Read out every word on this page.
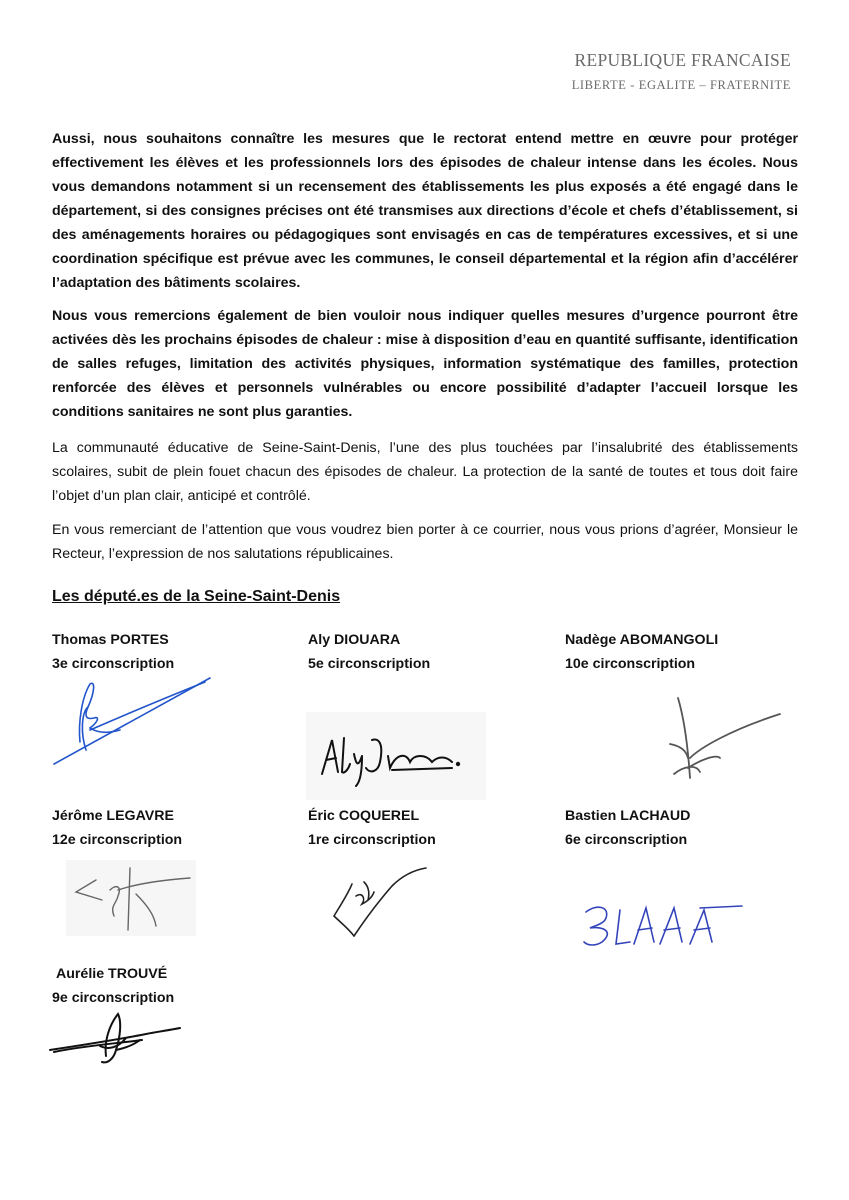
REPUBLIQUE FRANCAISE
LIBERTE - EGALITE – FRATERNITE

Aussi, nous souhaitons connaître les mesures que le rectorat entend mettre en œuvre pour protéger effectivement les élèves et les professionnels lors des épisodes de chaleur intense dans les écoles. Nous vous demandons notamment si un recensement des établissements les plus exposés a été engagé dans le département, si des consignes précises ont été transmises aux directions d’école et chefs d’établissement, si des aménagements horaires ou pédagogiques sont envisagés en cas de températures excessives, et si une coordination spécifique est prévue avec les communes, le conseil départemental et la région afin d’accélérer l’adaptation des bâtiments scolaires.

Nous vous remercions également de bien vouloir nous indiquer quelles mesures d’urgence pourront être activées dès les prochains épisodes de chaleur : mise à disposition d’eau en quantité suffisante, identification de salles refuges, limitation des activités physiques, information systématique des familles, protection renforcée des élèves et personnels vulnérables ou encore possibilité d’adapter l’accueil lorsque les conditions sanitaires ne sont plus garanties.

La communauté éducative de Seine-Saint-Denis, l’une des plus touchées par l’insalubrité des établissements scolaires, subit de plein fouet chacun des épisodes de chaleur. La protection de la santé de toutes et tous doit faire l’objet d’un plan clair, anticipé et contrôlé.

En vous remerciant de l’attention que vous voudrez bien porter à ce courrier, nous vous prions d’agréer, Monsieur le Recteur, l’expression de nos salutations républicaines.

Les député.es de la Seine-Saint-Denis
Thomas PORTES
3e circonscription
Aly DIOUARA
5e circonscription
Nadège ABOMANGOLI
10e circonscription
Jérôme LEGAVRE
12e circonscription
Éric COQUEREL
1re circonscription
Bastien LACHAUD
6e circonscription
Aurélie TROUVÉ
9e circonscription
